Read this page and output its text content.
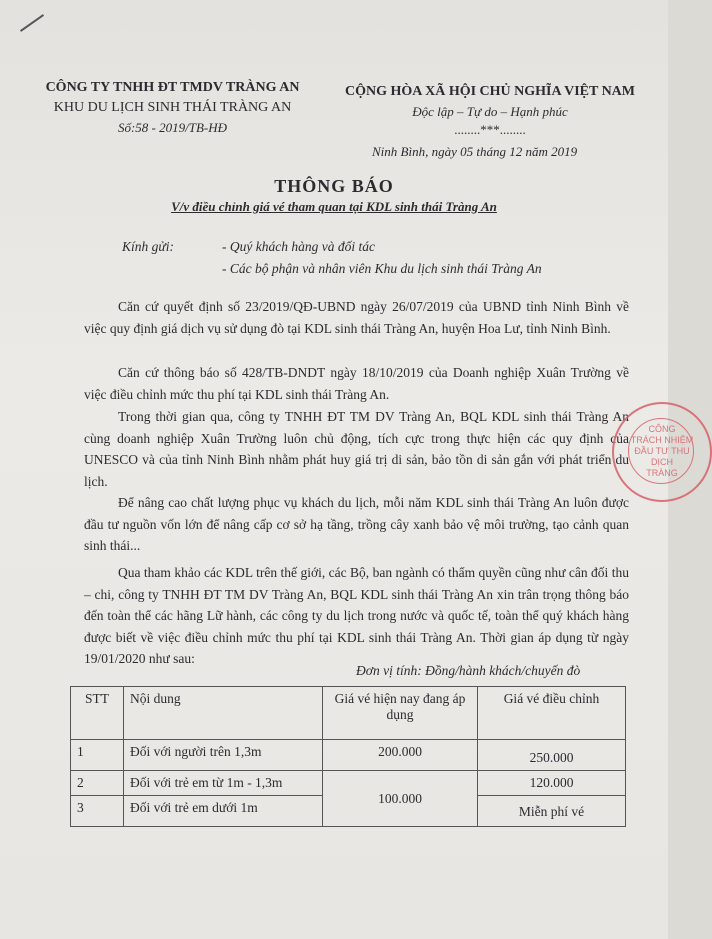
CÔNG TY TNHH ĐT TMDV TRÀNG AN
KHU DU LỊCH SINH THÁI TRÀNG AN
Số:58 - 2019/TB-HĐ
CỘNG HÒA XÃ HỘI CHỦ NGHĨA VIỆT NAM
Độc lập – Tự do – Hạnh phúc
........***........
Ninh Bình, ngày 05 tháng 12 năm 2019
THÔNG BÁO
V/v điều chỉnh giá vé tham quan tại KDL sinh thái Tràng An
Kính gửi:	- Quý khách hàng và đối tác
- Các bộ phận và nhân viên Khu du lịch sinh thái Tràng An
Căn cứ quyết định số 23/2019/QĐ-UBND ngày 26/07/2019 của UBND tỉnh Ninh Bình về việc quy định giá dịch vụ sử dụng đò tại KDL sinh thái Tràng An, huyện Hoa Lư, tỉnh Ninh Bình.
Căn cứ thông báo số 428/TB-DNDT ngày 18/10/2019 của Doanh nghiệp Xuân Trường về việc điều chỉnh mức thu phí tại KDL sinh thái Tràng An.
Trong thời gian qua, công ty TNHH ĐT TM DV Tràng An, BQL KDL sinh thái Tràng An cùng doanh nghiệp Xuân Trường luôn chủ động, tích cực trong thực hiện các quy định của UNESCO và của tỉnh Ninh Bình nhằm phát huy giá trị di sản, bảo tồn di sản gắn với phát triển du lịch.
Để nâng cao chất lượng phục vụ khách du lịch, mỗi năm KDL sinh thái Tràng An luôn được đầu tư nguồn vốn lớn để nâng cấp cơ sở hạ tầng, trồng cây xanh bảo vệ môi trường, tạo cảnh quan sinh thái...
Qua tham khảo các KDL trên thế giới, các Bộ, ban ngành có thẩm quyền cũng như cân đối thu – chi, công ty TNHH ĐT TM DV Tràng An, BQL KDL sinh thái Tràng An xin trân trọng thông báo đến toàn thể các hãng Lữ hành, các công ty du lịch trong nước và quốc tế, toàn thể quý khách hàng được biết về việc điều chỉnh mức thu phí tại KDL sinh thái Tràng An. Thời gian áp dụng từ ngày 19/01/2020 như sau:
Đơn vị tính: Đồng/hành khách/chuyến đò
STT	Nội dung	Giá vé hiện nay đang áp dụng	Giá vé điều chỉnh
1	Đối với người trên 1,3m	200.000	250.000
2	Đối với trẻ em từ 1m - 1,3m	100.000	120.000
3	Đối với trẻ em dưới 1m		Miễn phí vé
CÔNG
TRÁCH NHIỆM
ĐẦU TƯ THU
DỊCH
TRÀNG
